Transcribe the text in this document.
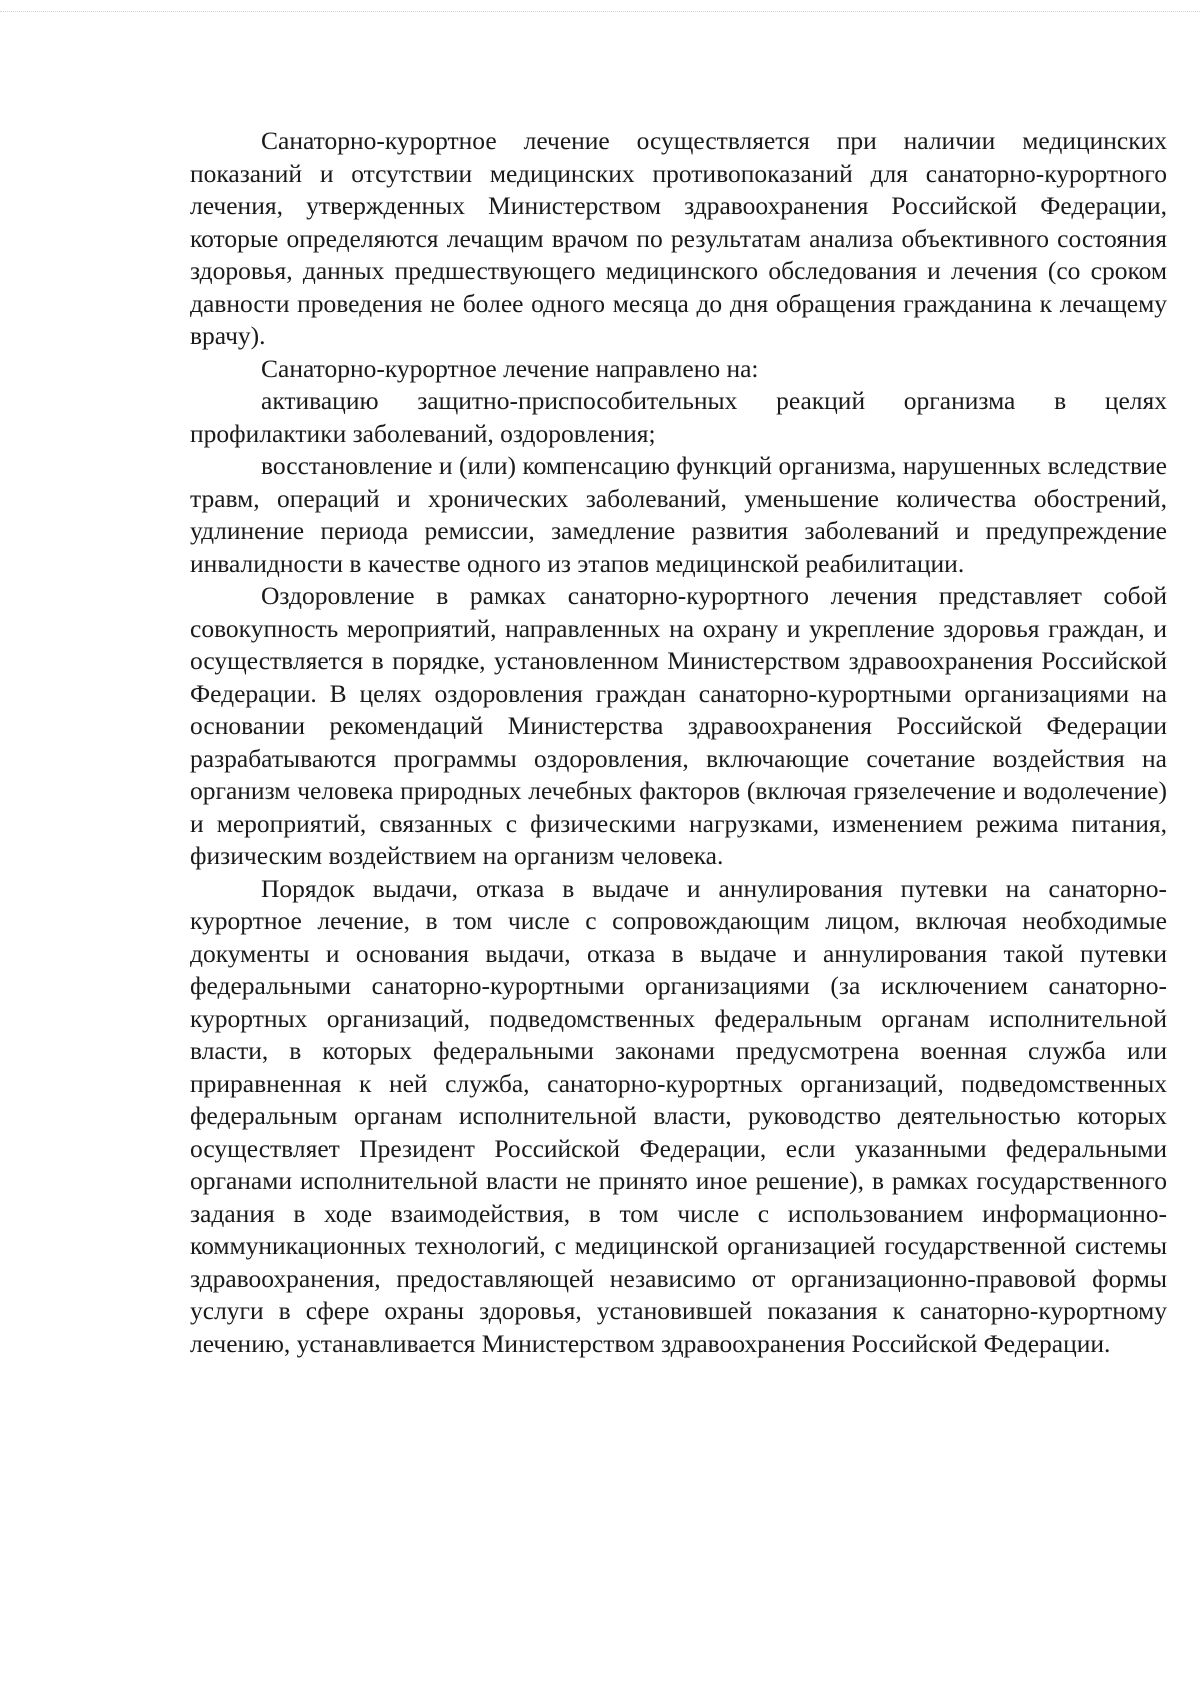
Санаторно-курортное лечение осуществляется при наличии медицинских показаний и отсутствии медицинских противопоказаний для санаторно-курортного лечения, утвержденных Министерством здравоохранения Российской Федерации, которые определяются лечащим врачом по результатам анализа объективного состояния здоровья, данных предшествующего медицинского обследования и лечения (со сроком давности проведения не более одного месяца до дня обращения гражданина к лечащему врачу).

Санаторно-курортное лечение направлено на:

активацию защитно-приспособительных реакций организма в целях профилактики заболеваний, оздоровления;

восстановление и (или) компенсацию функций организма, нарушенных вследствие травм, операций и хронических заболеваний, уменьшение количества обострений, удлинение периода ремиссии, замедление развития заболеваний и предупреждение инвалидности в качестве одного из этапов медицинской реабилитации.

Оздоровление в рамках санаторно-курортного лечения представляет собой совокупность мероприятий, направленных на охрану и укрепление здоровья граждан, и осуществляется в порядке, установленном Министерством здравоохранения Российской Федерации. В целях оздоровления граждан санаторно-курортными организациями на основании рекомендаций Министерства здравоохранения Российской Федерации разрабатываются программы оздоровления, включающие сочетание воздействия на организм человека природных лечебных факторов (включая грязелечение и водолечение) и мероприятий, связанных с физическими нагрузками, изменением режима питания, физическим воздействием на организм человека.

Порядок выдачи, отказа в выдаче и аннулирования путевки на санаторно-курортное лечение, в том числе с сопровождающим лицом, включая необходимые документы и основания выдачи, отказа в выдаче и аннулирования такой путевки федеральными санаторно-курортными организациями (за исключением санаторно-курортных организаций, подведомственных федеральным органам исполнительной власти, в которых федеральными законами предусмотрена военная служба или приравненная к ней служба, санаторно-курортных организаций, подведомственных федеральным органам исполнительной власти, руководство деятельностью которых осуществляет Президент Российской Федерации, если указанными федеральными органами исполнительной власти не принято иное решение), в рамках государственного задания в ходе взаимодействия, в том числе с использованием информационно-коммуникационных технологий, с медицинской организацией государственной системы здравоохранения, предоставляющей независимо от организационно-правовой формы услуги в сфере охраны здоровья, установившей показания к санаторно-курортному лечению, устанавливается Министерством здравоохранения Российской Федерации.
